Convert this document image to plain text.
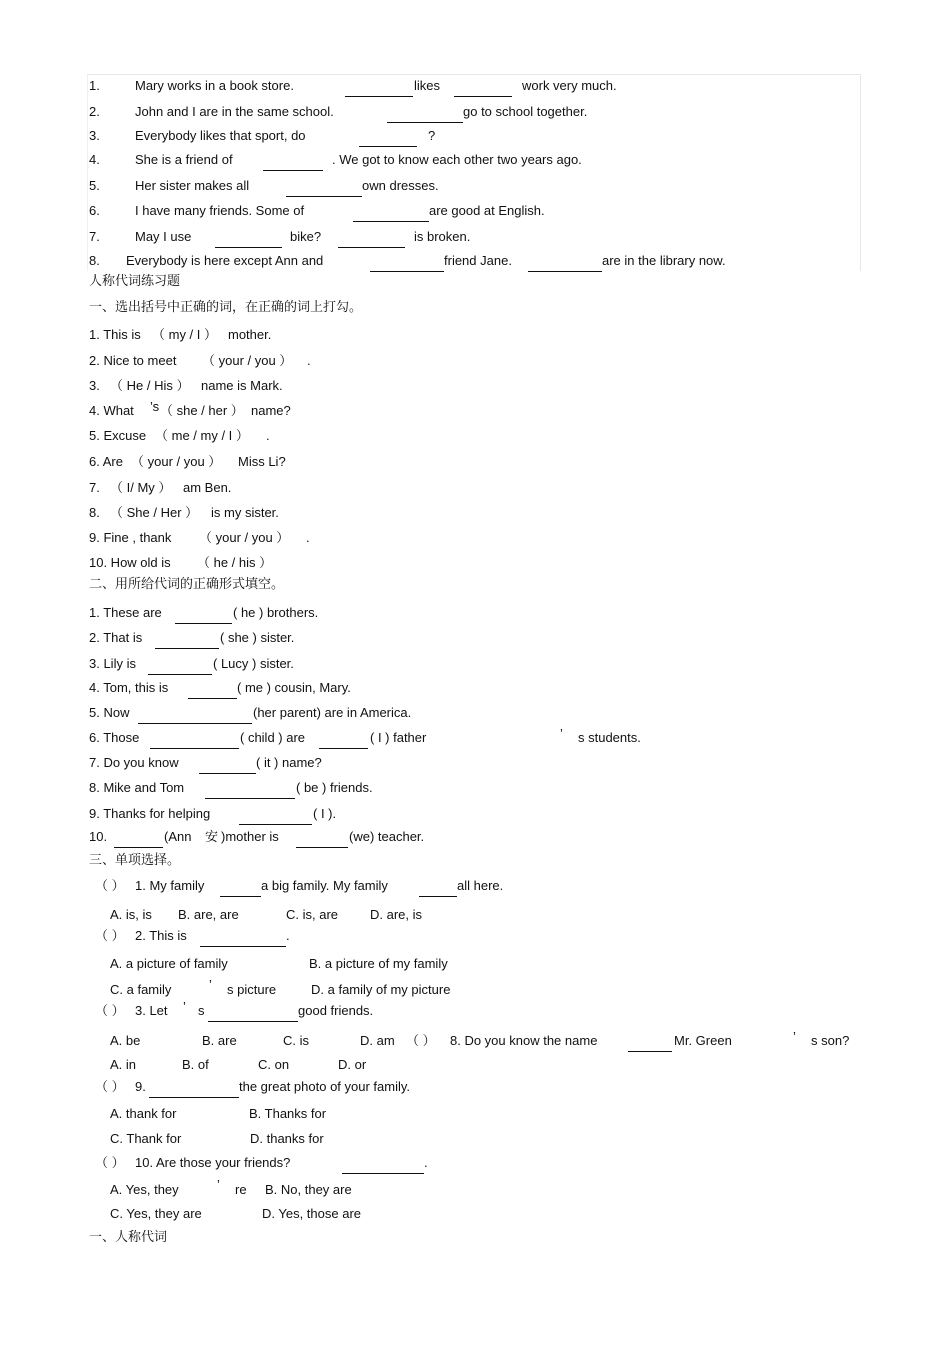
1.	Mary works in a book store.	likes	work very much.
2.	John and I are in the same school.	go to school together.
3.	Everybody likes that sport, do	?
4.	She is a friend of	. We got to know each other two years ago.
5.	Her sister makes all	own dresses.
6.	I have many friends. Some of	are good at English.
7.	May I use	bike?	is broken.
8. Everybody is here except Ann and	friend Jane.	are in the library now.
人称代词练习题
一、选出括号中正确的词，在正确的词上打勾。
1. This is （ my / I ） mother.
2. Nice to meet （ your / you ） .
3. （ He / His ） name is Mark.
4. What ’s （ she / her ） name?
5. Excuse （ me / my / I ） .
6. Are （ your / you ） Miss Li?
7. （ I/ My ） am Ben.
8. （ She / Her ） is my sister.
9. Fine , thank （ your / you ） .
10. How old is （ he / his ）
二、用所给代词的正确形式填空。
1. These are	( he ) brothers.
2. That is	( she ) sister.
3. Lily is	( Lucy ) sister.
4. Tom, this is	( me ) cousin, Mary.
5. Now	(her parent) are in America.
6. Those	( child ) are	( I ) father	’ s students.
7. Do you know	( it ) name?
8. Mike and Tom	( be ) friends.
9. Thanks for helping	( I ).
10.	(Ann 安 )mother is	(we) teacher.
三、单项选择。
（ ） 1. My family	a big family. My family	all here.
A. is, is B. are, are	C. is, are D. are, is
（ ） 2. This is	.
A. a picture of family	B. a picture of my family
C. a family	’ s picture	D. a family of my picture
（ ） 3. Let ’ s	good friends.
A. be	B. are	C. is	D. am （ ） 8. Do you know the name	Mr. Green	’ s son?
A. in	B. of	C. on	D. or
（ ） 9.	the great photo of your family.
A. thank for	B. Thanks for
C. Thank for	D. thanks for
（ ） 10. Are those your friends?	.
A. Yes, they	’ re B. No, they are
C. Yes, they are	D. Yes, those are
一、人称代词
